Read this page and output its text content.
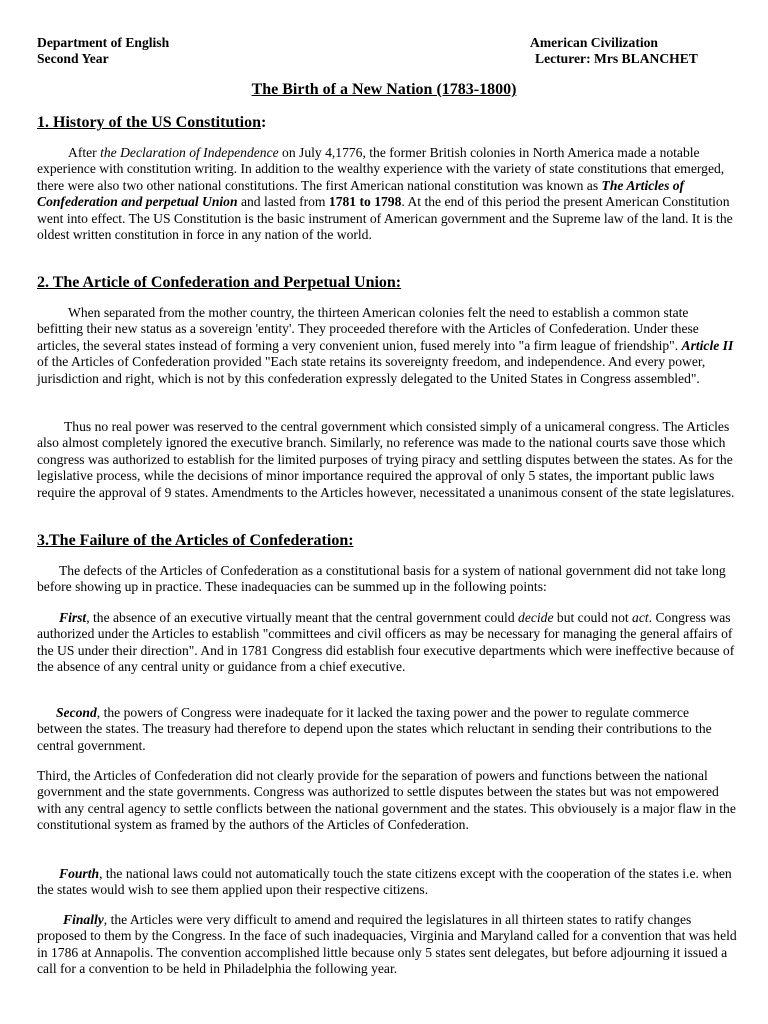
Department of English
Second Year
American Civilization
Lecturer: Mrs BLANCHET
The Birth of a New Nation (1783-1800)
1. History of the US Constitution:

After the Declaration of Independence on July 4,1776, the former British colonies in North America made a notable experience with constitution writing. In addition to the wealthy experience with the variety of state constitutions that emerged, there were also two other national constitutions. The first American national constitution was known as The Articles of Confederation and perpetual Union and lasted from 1781 to 1798. At the end of this period the present American Constitution went into effect. The US Constitution is the basic instrument of American government and the Supreme law of the land. It is the oldest written constitution in force in any nation of the world.

2. The Article of Confederation and Perpetual Union:

When separated from the mother country, the thirteen American colonies felt the need to establish a common state befitting their new status as a sovereign 'entity'. They proceeded therefore with the Articles of Confederation. Under these articles, the several states instead of forming a very convenient union, fused merely into "a firm league of friendship". Article II of the Articles of Confederation provided "Each state retains its sovereignty freedom, and independence. And every power, jurisdiction and right, which is not by this confederation expressly delegated to the United States in Congress assembled".

Thus no real power was reserved to the central government which consisted simply of a unicameral congress. The Articles also almost completely ignored the executive branch. Similarly, no reference was made to the national courts save those which congress was authorized to establish for the limited purposes of trying piracy and settling disputes between the states. As for the legislative process, while the decisions of minor importance required the approval of only 5 states, the important public laws require the approval of 9 states. Amendments to the Articles however, necessitated a unanimous consent of the state legislatures.

3.The Failure of the Articles of Confederation:

The defects of the Articles of Confederation as a constitutional basis for a system of national government did not take long before showing up in practice. These inadequacies can be summed up in the following points:

First, the absence of an executive virtually meant that the central government could decide but could not act. Congress was authorized under the Articles to establish "committees and civil officers as may be necessary for managing the general affairs of the US under their direction". And in 1781 Congress did establish four executive departments which were ineffective because of the absence of any central unity or guidance from a chief executive.

Second, the powers of Congress were inadequate for it lacked the taxing power and the power to regulate commerce between the states. The treasury had therefore to depend upon the states which reluctant in sending their contributions to the central government.

Third, the Articles of Confederation did not clearly provide for the separation of powers and functions between the national government and the state governments. Congress was authorized to settle disputes between the states but was not empowered with any central agency to settle conflicts between the national government and the states. This obviousely is a major flaw in the constitutional system as framed by the authors of the Articles of Confederation.

Fourth, the national laws could not automatically touch the state citizens except with the cooperation of the states i.e. when the states would wish to see them applied upon their respective citizens.

Finally, the Articles were very difficult to amend and required the legislatures in all thirteen states to ratify changes proposed to them by the Congress. In the face of such inadequacies, Virginia and Maryland called for a convention that was held in 1786 at Annapolis. The convention accomplished little because only 5 states sent delegates, but before adjourning it issued a call for a convention to be held in Philadelphia the following year.
